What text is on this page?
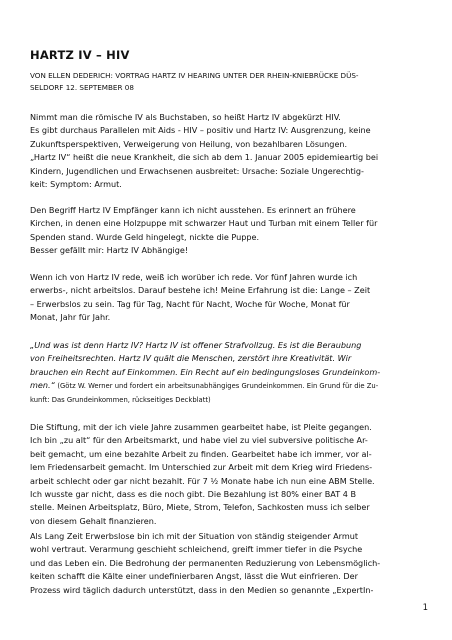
HARTZ IV – HIV
VON ELLEN DEDERICH: VORTRAG HARTZ IV HEARING UNTER DER RHEIN-KNIEBRÜCKE DÜS-
SELDORF 12. SEPTEMBER 08
Nimmt man die römische IV als Buchstaben, so heißt Hartz IV abgekürzt HIV.
Es gibt durchaus Parallelen mit Aids - HIV – positiv und Hartz IV: Ausgrenzung, keine
Zukunftsperspektiven, Verweigerung von Heilung, von bezahlbaren Lösungen.
„Hartz IV“ heißt die neue Krankheit, die sich ab dem 1. Januar 2005 epidemieartig bei
Kindern, Jugendlichen und Erwachsenen ausbreitet: Ursache: Soziale Ungerechtig-
keit: Symptom: Armut.
Den Begriff Hartz IV Empfänger kann ich nicht ausstehen. Es erinnert an frühere
Kirchen, in denen eine Holzpuppe mit schwarzer Haut und Turban mit einem Teller für
Spenden stand. Wurde Geld hingelegt, nickte die Puppe.
Besser gefällt mir: Hartz IV Abhängige!
Wenn ich von Hartz IV rede, weiß ich worüber ich rede. Vor fünf Jahren wurde ich
erwerbs-, nicht arbeitslos. Darauf bestehe ich! Meine Erfahrung ist die: Lange – Zeit
– Erwerbslos zu sein. Tag für Tag, Nacht für Nacht, Woche für Woche, Monat für
Monat, Jahr für Jahr.
„Und was ist denn Hartz IV? Hartz IV ist offener Strafvollzug. Es ist die Beraubung
von Freiheitsrechten. Hartz IV quält die Menschen, zerstört ihre Kreativität. Wir
brauchen ein Recht auf Einkommen. Ein Recht auf ein bedingungsloses Grundeinkom-
men.“ (Götz W. Werner und fordert ein arbeitsunabhängiges Grundeinkommen. Ein Grund für die Zu-
kunft: Das Grundeinkommen, rückseitiges Deckblatt)
Die Stiftung, mit der ich viele Jahre zusammen gearbeitet habe, ist Pleite gegangen.
Ich bin „zu alt“ für den Arbeitsmarkt, und habe viel zu viel subversive politische Ar-
beit gemacht, um eine bezahlte Arbeit zu finden. Gearbeitet habe ich immer, vor al-
lem Friedensarbeit gemacht. Im Unterschied zur Arbeit mit dem Krieg wird Friedens-
arbeit schlecht oder gar nicht bezahlt. Für 7 ½ Monate habe ich nun eine ABM Stelle.
Ich wusste gar nicht, dass es die noch gibt. Die Bezahlung ist 80% einer BAT 4 B
stelle. Meinen Arbeitsplatz, Büro, Miete, Strom, Telefon, Sachkosten muss ich selber
von diesem Gehalt finanzieren.
Als Lang Zeit Erwerbslose bin ich mit der Situation von ständig steigender Armut
wohl vertraut. Verarmung geschieht schleichend, greift immer tiefer in die Psyche
und das Leben ein. Die Bedrohung der permanenten Reduzierung von Lebensmöglich-
keiten schafft die Kälte einer undefinierbaren Angst, lässt die Wut einfrieren. Der
Prozess wird täglich dadurch unterstützt, dass in den Medien so genannte „ExpertIn-
1
